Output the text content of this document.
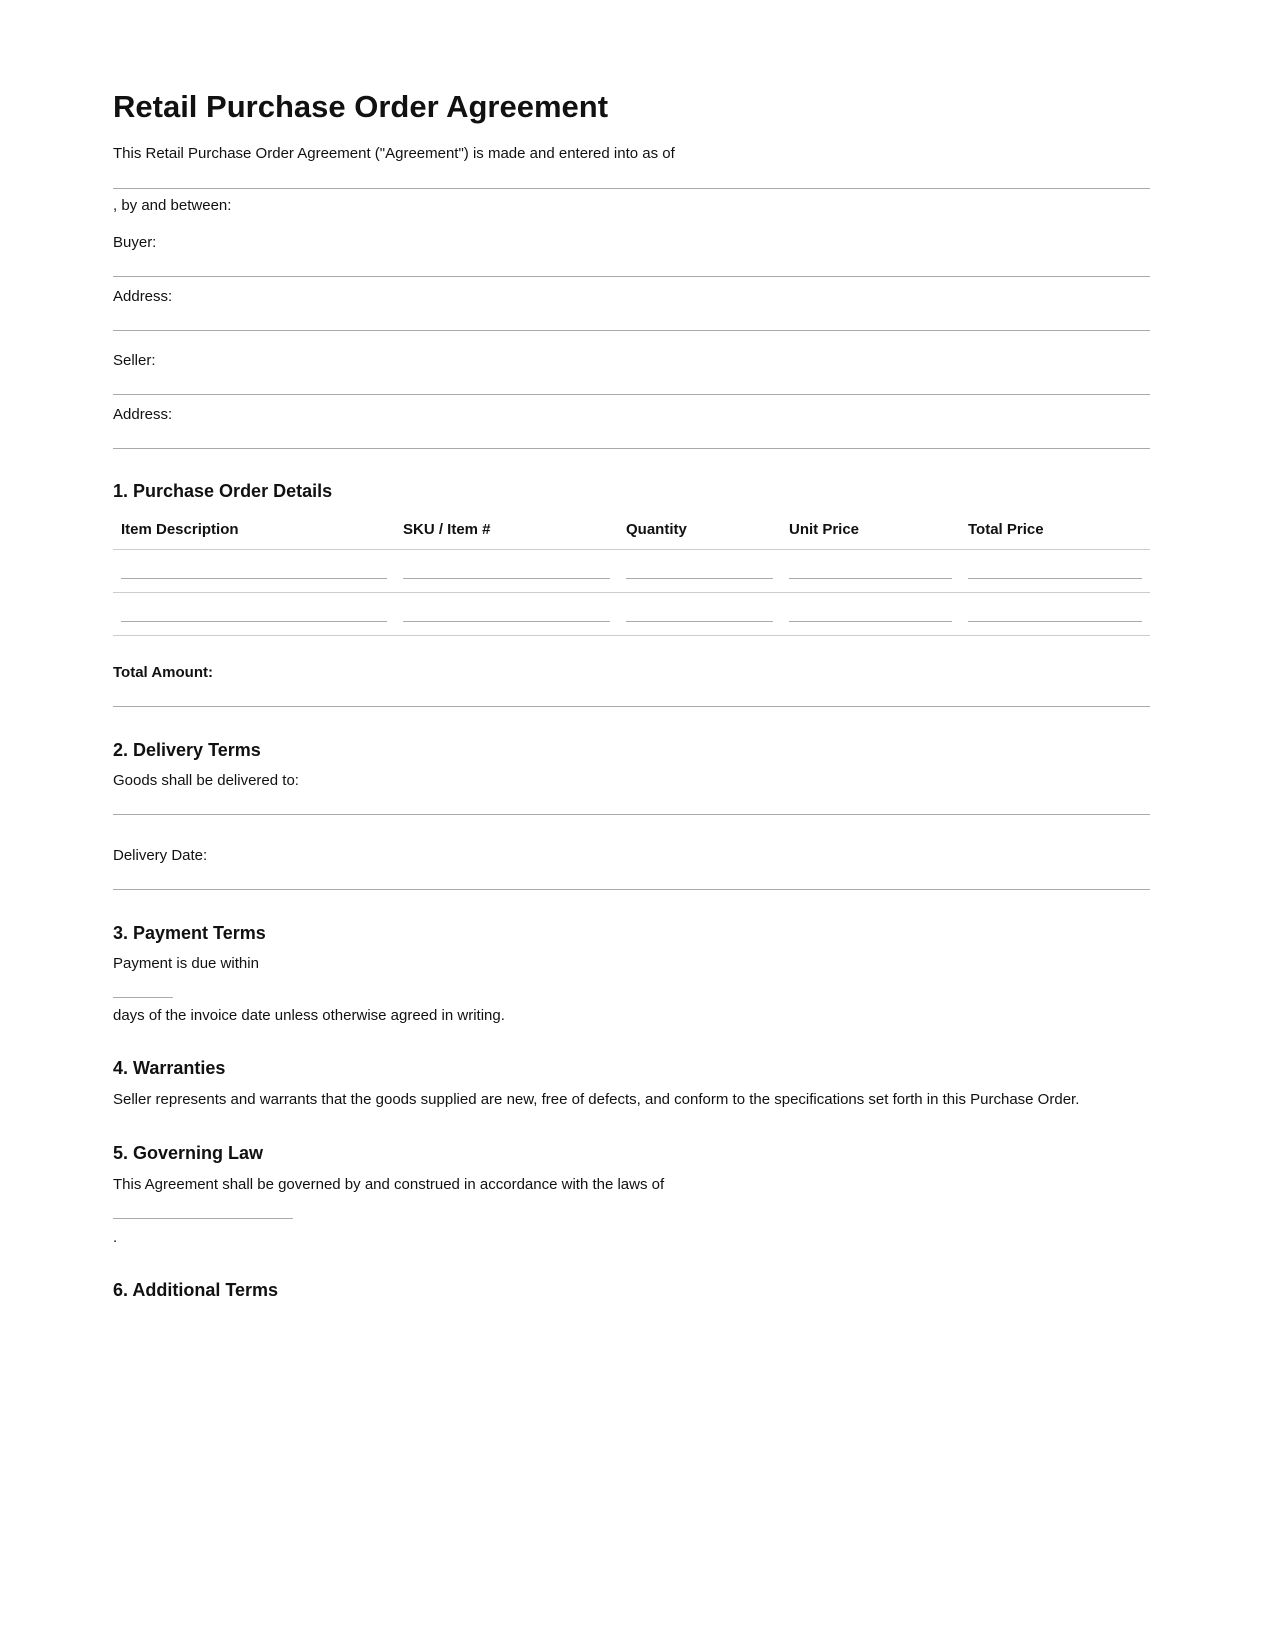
Retail Purchase Order Agreement
This Retail Purchase Order Agreement ("Agreement") is made and entered into as of
, by and between:
Buyer:
Address:
Seller:
Address:
1. Purchase Order Details
Item Description	SKU / Item #	Quantity	Unit Price	Total Price

Total Amount:
2. Delivery Terms
Goods shall be delivered to:
Delivery Date:
3. Payment Terms
Payment is due within
days of the invoice date unless otherwise agreed in writing.
4. Warranties
Seller represents and warrants that the goods supplied are new, free of defects, and conform to the specifications set forth in this Purchase Order.
5. Governing Law
This Agreement shall be governed by and construed in accordance with the laws of
.
6. Additional Terms
